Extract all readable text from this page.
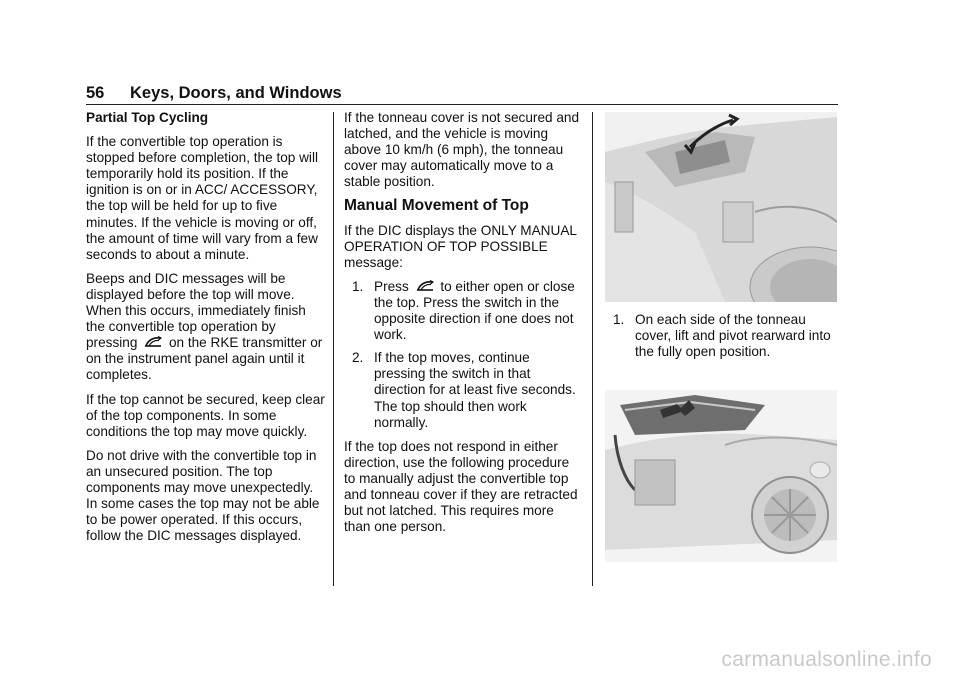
56 Keys, Doors, and Windows

Partial Top Cycling

If the convertible top operation is stopped before completion, the top will temporarily hold its position. If the ignition is on or in ACC/ ACCESSORY, the top will be held for up to five minutes. If the vehicle is moving or off, the amount of time will vary from a few seconds to about a minute.

Beeps and DIC messages will be displayed before the top will move. When this occurs, immediately finish the convertible top operation by pressing on the RKE transmitter or on the instrument panel again until it completes.

If the top cannot be secured, keep clear of the top components. In some conditions the top may move quickly.

Do not drive with the convertible top in an unsecured position. The top components may move unexpectedly. In some cases the top may not be able to be power operated. If this occurs, follow the DIC messages displayed.

If the tonneau cover is not secured and latched, and the vehicle is moving above 10 km/h (6 mph), the tonneau cover may automatically move to a stable position.

Manual Movement of Top

If the DIC displays the ONLY MANUAL OPERATION OF TOP POSSIBLE message:

1. Press to either open or close the top. Press the switch in the opposite direction if one does not work.
2. If the top moves, continue pressing the switch in that direction for at least five seconds. The top should then work normally.

If the top does not respond in either direction, use the following procedure to manually adjust the convertible top and tonneau cover if they are retracted but not latched. This requires more than one person.

1. On each side of the tonneau cover, lift and pivot rearward into the fully open position.
carmanualsonline.info
